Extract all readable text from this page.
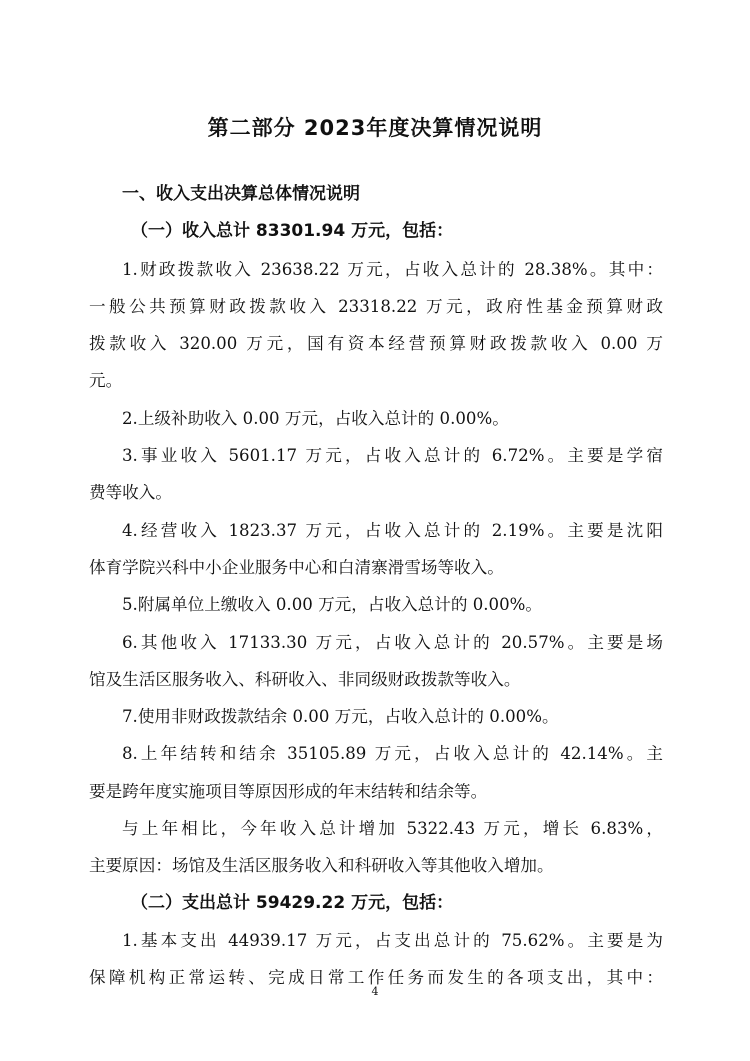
第二部分 2023年度决算情况说明
一、收入支出决算总体情况说明
（一）收入总计 83301.94 万元，包括：
1.财政拨款收入 23638.22 万元，占收入总计的 28.38%。其中：
一般公共预算财政拨款收入 23318.22 万元，政府性基金预算财政
拨款收入 320.00 万元，国有资本经营预算财政拨款收入 0.00 万
元。
2.上级补助收入 0.00 万元，占收入总计的 0.00%。
3.事业收入 5601.17 万元，占收入总计的 6.72%。主要是学宿
费等收入。
4.经营收入 1823.37 万元，占收入总计的 2.19%。主要是沈阳
体育学院兴科中小企业服务中心和白清寨滑雪场等收入。
5.附属单位上缴收入 0.00 万元，占收入总计的 0.00%。
6.其他收入 17133.30 万元，占收入总计的 20.57%。主要是场
馆及生活区服务收入、科研收入、非同级财政拨款等收入。
7.使用非财政拨款结余 0.00 万元，占收入总计的 0.00%。
8.上年结转和结余 35105.89 万元，占收入总计的 42.14%。主
要是跨年度实施项目等原因形成的年末结转和结余等。
与上年相比，今年收入总计增加 5322.43 万元，增长 6.83%，
主要原因：场馆及生活区服务收入和科研收入等其他收入增加。
（二）支出总计 59429.22 万元，包括：
1.基本支出 44939.17 万元，占支出总计的 75.62%。主要是为
保障机构正常运转、完成日常工作任务而发生的各项支出，其中：
4
